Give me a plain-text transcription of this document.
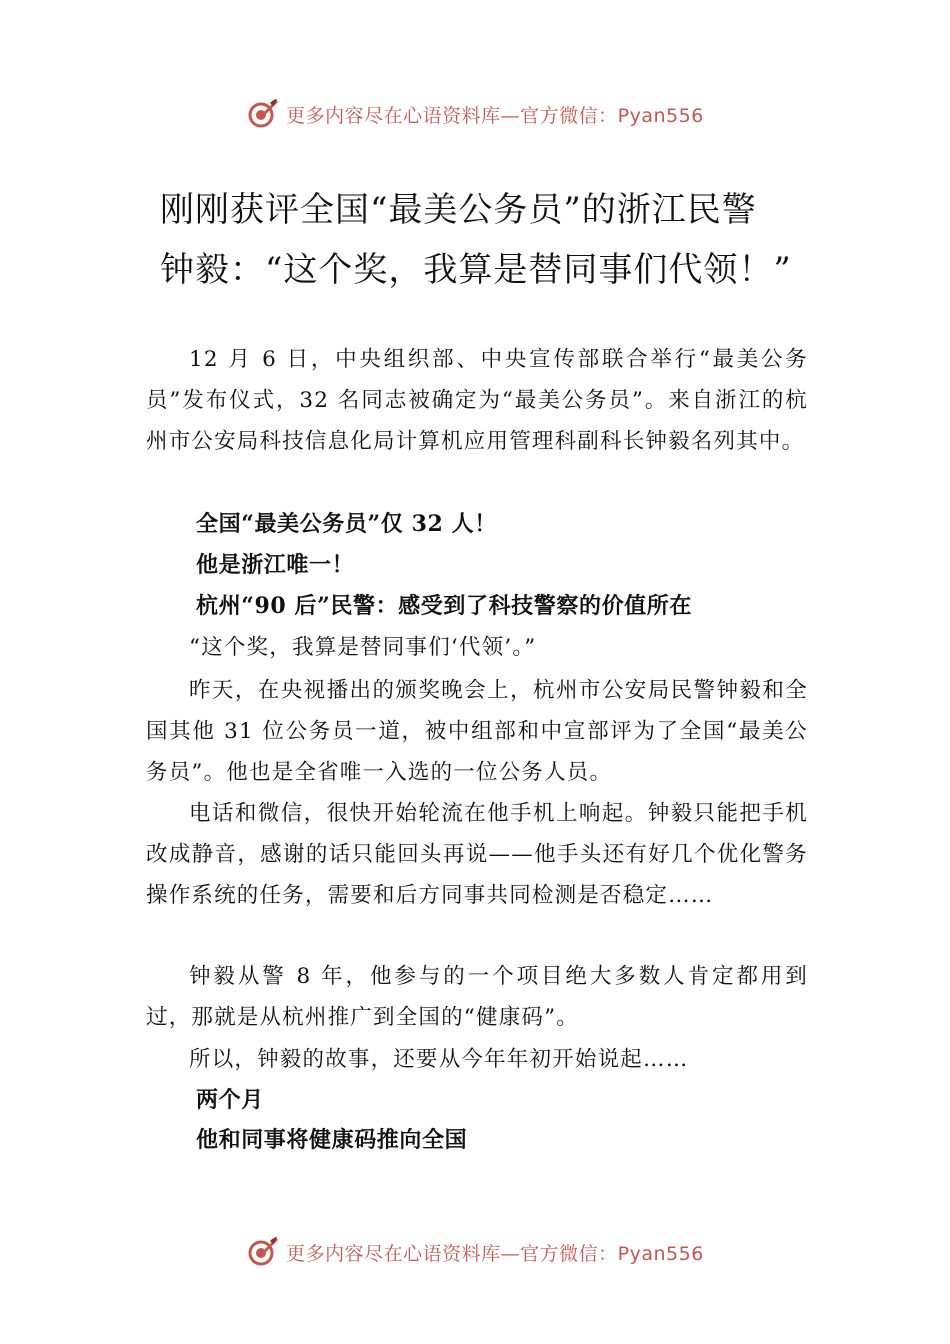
更多内容尽在心语资料库—官方微信：Pyan556
刚刚获评全国“最美公务员”的浙江民警
钟毅：“这个奖，我算是替同事们代领！”

12 月 6 日，中央组织部、中央宣传部联合举行“最美公务员”发布仪式，32 名同志被确定为“最美公务员”。来自浙江的杭州市公安局科技信息化局计算机应用管理科副科长钟毅名列其中。

全国“最美公务员”仅 32 人！

他是浙江唯一！

杭州“90 后”民警：感受到了科技警察的价值所在

“这个奖，我算是替同事们‘代领’。”

昨天，在央视播出的颁奖晚会上，杭州市公安局民警钟毅和全国其他 31 位公务员一道，被中组部和中宣部评为了全国“最美公务员”。他也是全省唯一入选的一位公务人员。

电话和微信，很快开始轮流在他手机上响起。钟毅只能把手机改成静音，感谢的话只能回头再说——他手头还有好几个优化警务操作系统的任务，需要和后方同事共同检测是否稳定……

钟毅从警 8 年，他参与的一个项目绝大多数人肯定都用到过，那就是从杭州推广到全国的“健康码”。

所以，钟毅的故事，还要从今年年初开始说起……

两个月

他和同事将健康码推向全国

更多内容尽在心语资料库—官方微信：Pyan556
